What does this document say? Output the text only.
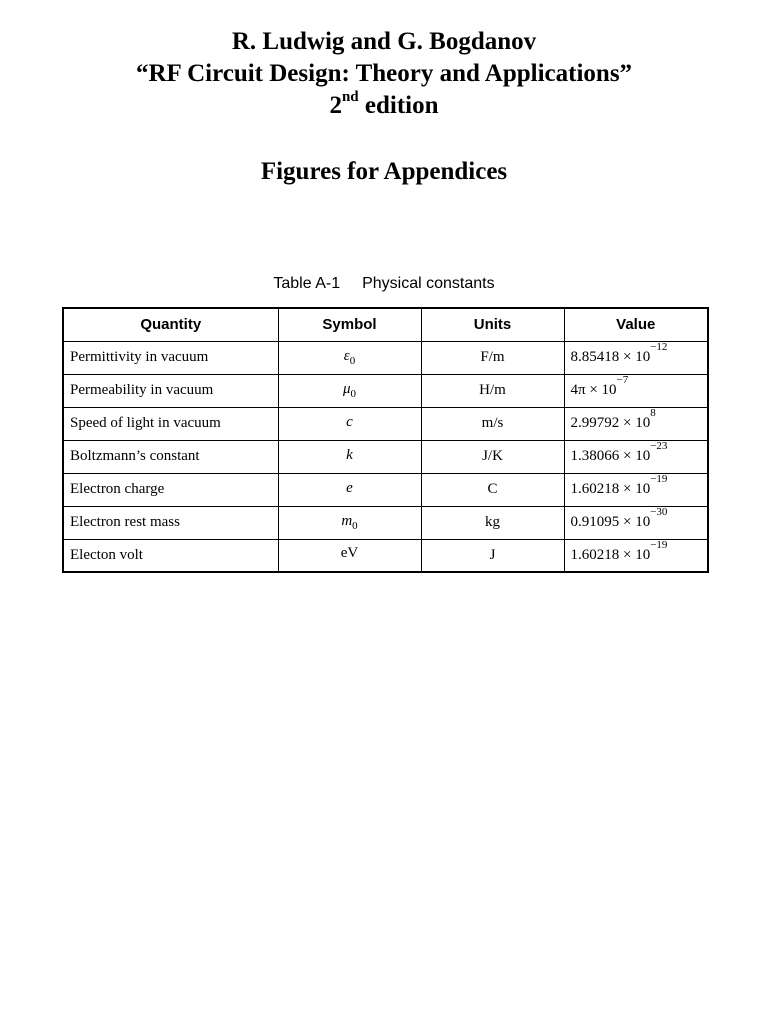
R. Ludwig and G. Bogdanov
“RF Circuit Design: Theory and Applications”
2nd edition
Figures for Appendices
Table A-1 Physical constants
Quantity	Symbol	Units	Value
Permittivity in vacuum	$\varepsilon_0$	F/m	$8.85418 \times 10^{-12}$
Permeability in vacuum	$\mu_0$	H/m	$4\pi \times 10^{-7}$
Speed of light in vacuum	c	m/s	$2.99792 \times 10^8$
Boltzmann’s constant	k	J/K	$1.38066 \times 10^{-23}$
Electron charge	e	C	$1.60218 \times 10^{-19}$
Electron rest mass	$m_0$	kg	$0.91095 \times 10^{-30}$
Electon volt	eV	J	$1.60218 \times 10^{-19}$
